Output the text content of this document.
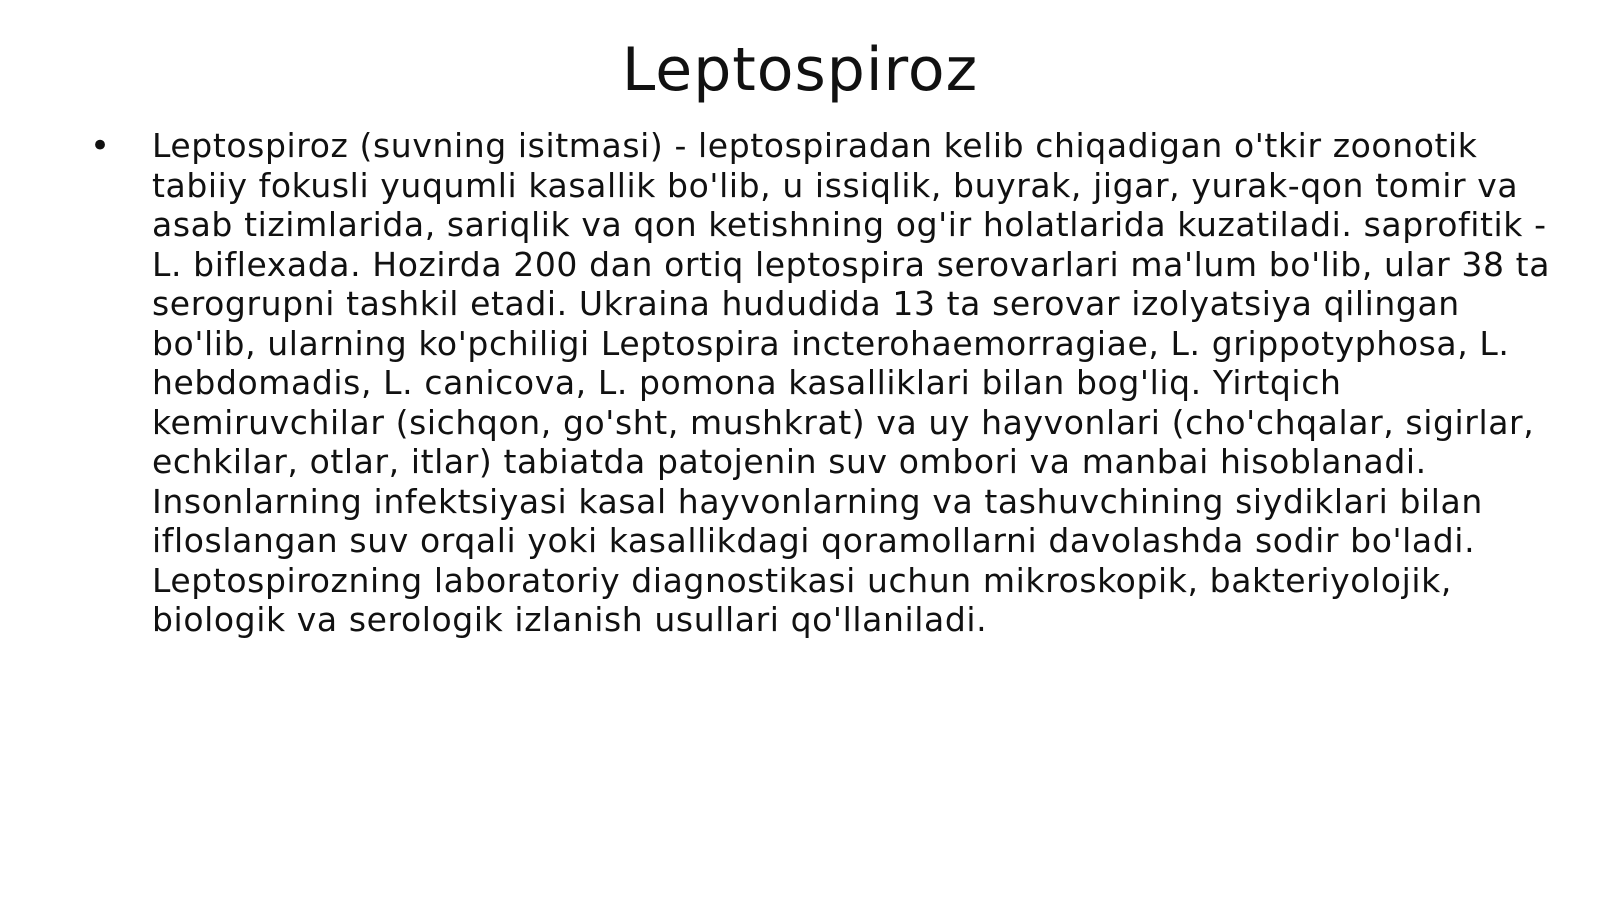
Leptospiroz
• Leptospiroz (suvning isitmasi) - leptospiradan kelib chiqadigan o'tkir zoonotik tabiiy fokusli yuqumli kasallik bo'lib, u issiqlik, buyrak, jigar, yurak-qon tomir va asab tizimlarida, sariqlik va qon ketishning og'ir holatlarida kuzatiladi. saprofitik - L. biflexada. Hozirda 200 dan ortiq leptospira serovarlari ma'lum bo'lib, ular 38 ta serogrupni tashkil etadi. Ukraina hududida 13 ta serovar izolyatsiya qilingan bo'lib, ularning ko'pchiligi Leptospira incterohaemorragiae, L. grippotyphosa, L. hebdomadis, L. canicova, L. pomona kasalliklari bilan bog'liq. Yirtqich kemiruvchilar (sichqon, go'sht, mushkrat) va uy hayvonlari (cho'chqalar, sigirlar, echkilar, otlar, itlar) tabiatda patojenin suv ombori va manbai hisoblanadi. Insonlarning infektsiyasi kasal hayvonlarning va tashuvchining siydiklari bilan ifloslangan suv orqali yoki kasallikdagi qoramollarni davolashda sodir bo'ladi. Leptospirozning laboratoriy diagnostikasi uchun mikroskopik, bakteriyolojik, biologik va serologik izlanish usullari qo'llaniladi.
